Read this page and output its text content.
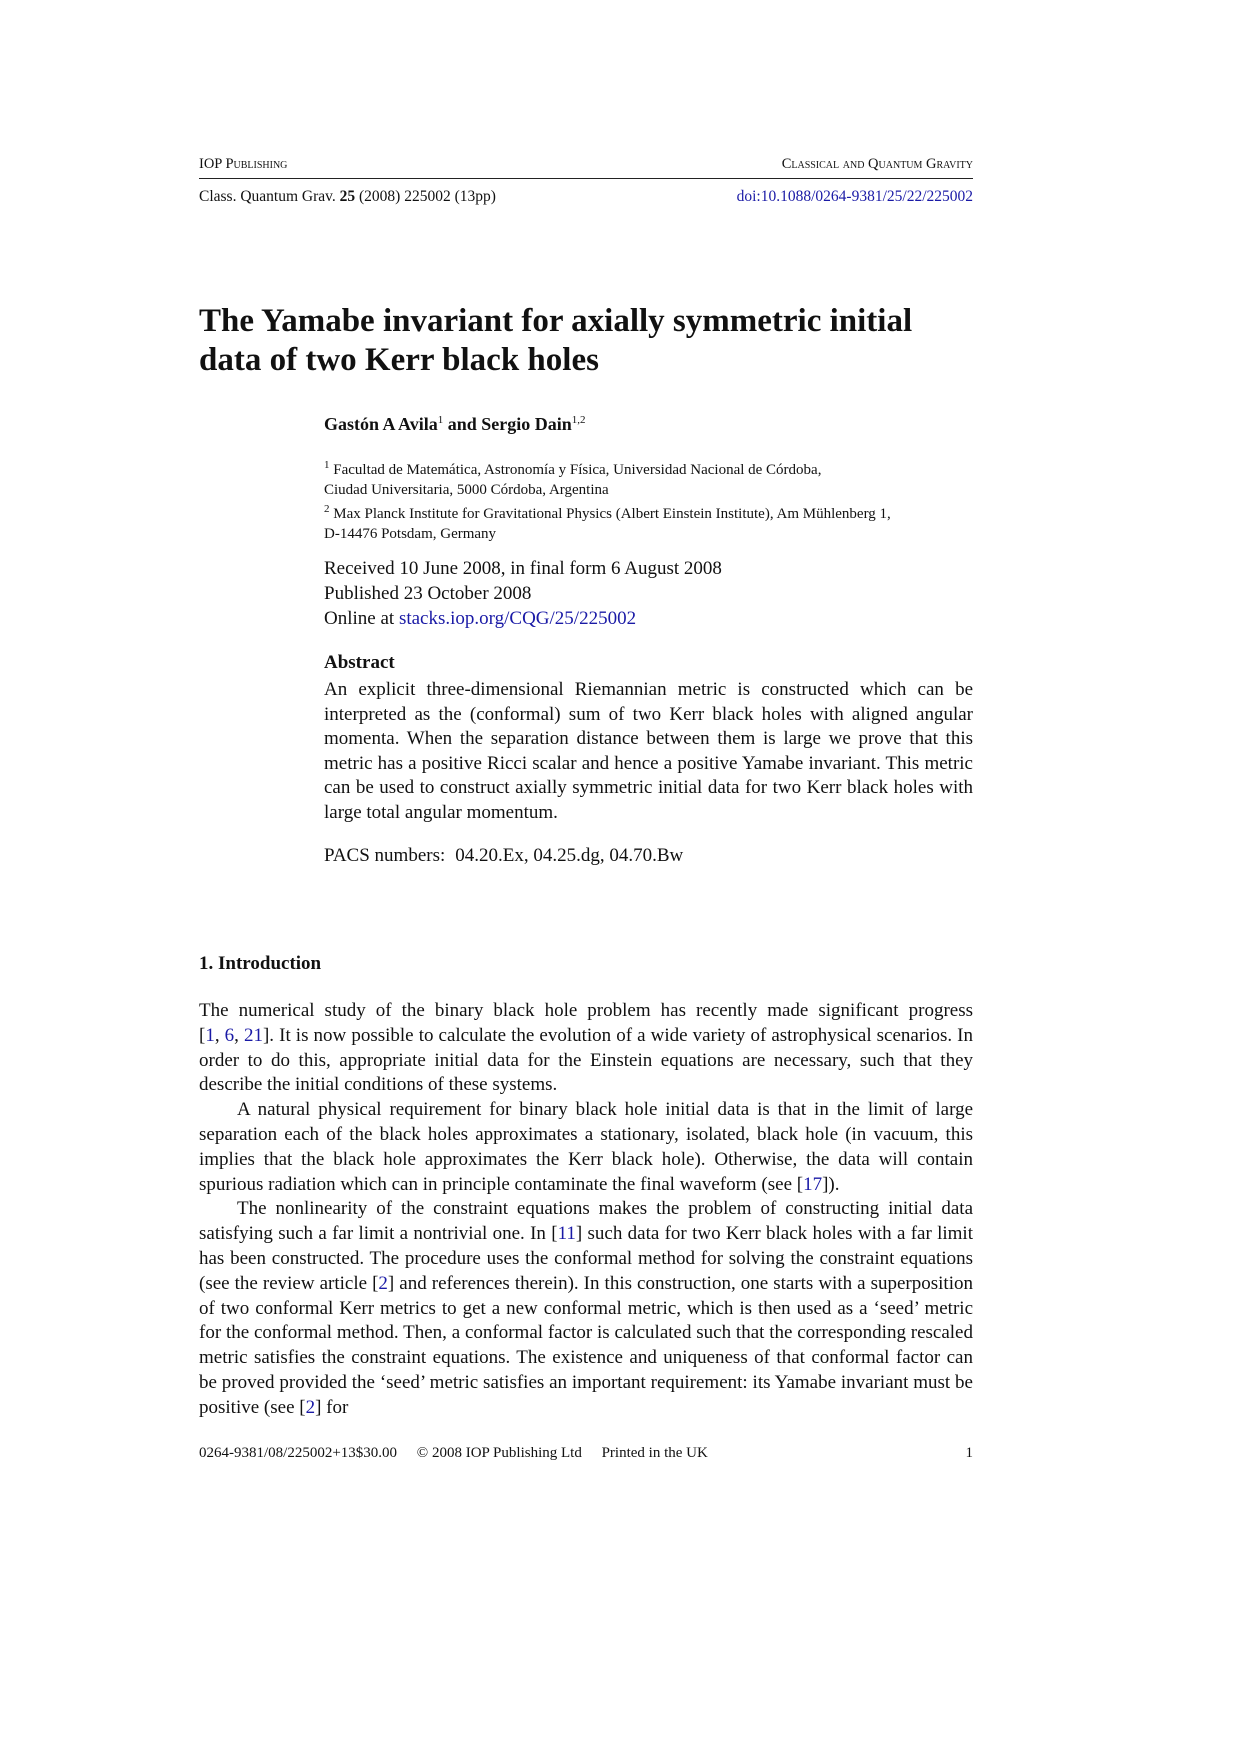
IOP Publishing	Classical and Quantum Gravity
Class. Quantum Grav. 25 (2008) 225002 (13pp)	doi:10.1088/0264-9381/25/22/225002
The Yamabe invariant for axially symmetric initial
data of two Kerr black holes
Gastón A Avila$^1$ and Sergio Dain$^{1,2}$
$^1$ Facultad de Matemática, Astronomía y Física, Universidad Nacional de Córdoba,
Ciudad Universitaria, 5000 Córdoba, Argentina
$^2$ Max Planck Institute for Gravitational Physics (Albert Einstein Institute), Am Mühlenberg 1,
D-14476 Potsdam, Germany
Received 10 June 2008, in final form 6 August 2008
Published 23 October 2008
Online at stacks.iop.org/CQG/25/225002
Abstract
An explicit three-dimensional Riemannian metric is constructed which can be interpreted as the (conformal) sum of two Kerr black holes with aligned angular momenta. When the separation distance between them is large we prove that this metric has a positive Ricci scalar and hence a positive Yamabe invariant. This metric can be used to construct axially symmetric initial data for two Kerr black holes with large total angular momentum.
PACS numbers: 04.20.Ex, 04.25.dg, 04.70.Bw
1. Introduction

The numerical study of the binary black hole problem has recently made significant progress [1, 6, 21]. It is now possible to calculate the evolution of a wide variety of astrophysical scenarios. In order to do this, appropriate initial data for the Einstein equations are necessary, such that they describe the initial conditions of these systems.

A natural physical requirement for binary black hole initial data is that in the limit of large separation each of the black holes approximates a stationary, isolated, black hole (in vacuum, this implies that the black hole approximates the Kerr black hole). Otherwise, the data will contain spurious radiation which can in principle contaminate the final waveform (see [17]).

The nonlinearity of the constraint equations makes the problem of constructing initial data satisfying such a far limit a nontrivial one. In [11] such data for two Kerr black holes with a far limit has been constructed. The procedure uses the conformal method for solving the constraint equations (see the review article [2] and references therein). In this construction, one starts with a superposition of two conformal Kerr metrics to get a new conformal metric, which is then used as a ‘seed’ metric for the conformal method. Then, a conformal factor is calculated such that the corresponding rescaled metric satisfies the constraint equations. The existence and uniqueness of that conformal factor can be proved provided the ‘seed’ metric satisfies an important requirement: its Yamabe invariant must be positive (see [2] for

0264-9381/08/225002+13$30.00 © 2008 IOP Publishing Ltd Printed in the UK	1
